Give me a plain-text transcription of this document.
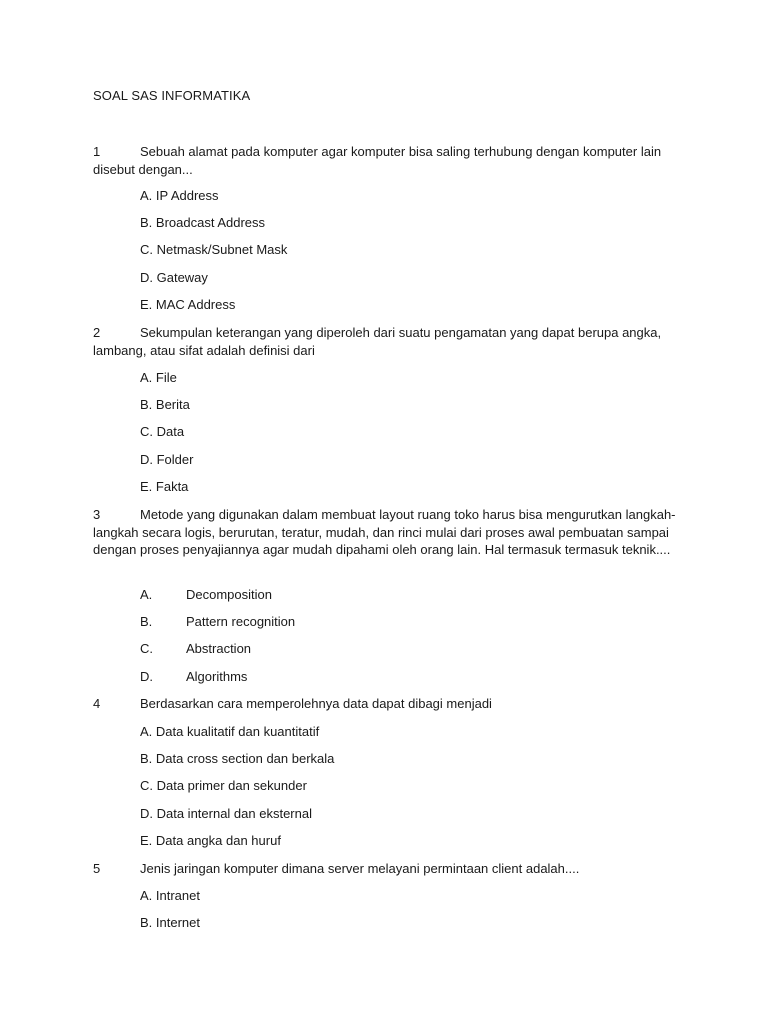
SOAL SAS INFORMATIKA
1	Sebuah alamat pada komputer agar komputer bisa saling terhubung dengan komputer lain disebut dengan...

A. IP Address
B. Broadcast Address
C. Netmask/Subnet Mask
D. Gateway
E. MAC Address
2	Sekumpulan keterangan yang diperoleh dari suatu pengamatan yang dapat berupa angka, lambang, atau sifat adalah definisi dari

A. File
B. Berita
C. Data
D. Folder
E. Fakta
3	Metode yang digunakan dalam membuat layout ruang toko harus bisa mengurutkan langkah-langkah secara logis, berurutan, teratur, mudah, dan rinci mulai dari proses awal pembuatan sampai dengan proses penyajiannya agar mudah dipahami oleh orang lain. Hal termasuk termasuk teknik....

A.	Decomposition
B.	Pattern recognition
C.	Abstraction
D.	Algorithms
4	Berdasarkan cara memperolehnya data dapat dibagi menjadi

A. Data kualitatif dan kuantitatif
B. Data cross section dan berkala
C. Data primer dan sekunder
D. Data internal dan eksternal
E. Data angka dan huruf
5	Jenis jaringan komputer dimana server melayani permintaan client adalah....

A. Intranet
B. Internet
